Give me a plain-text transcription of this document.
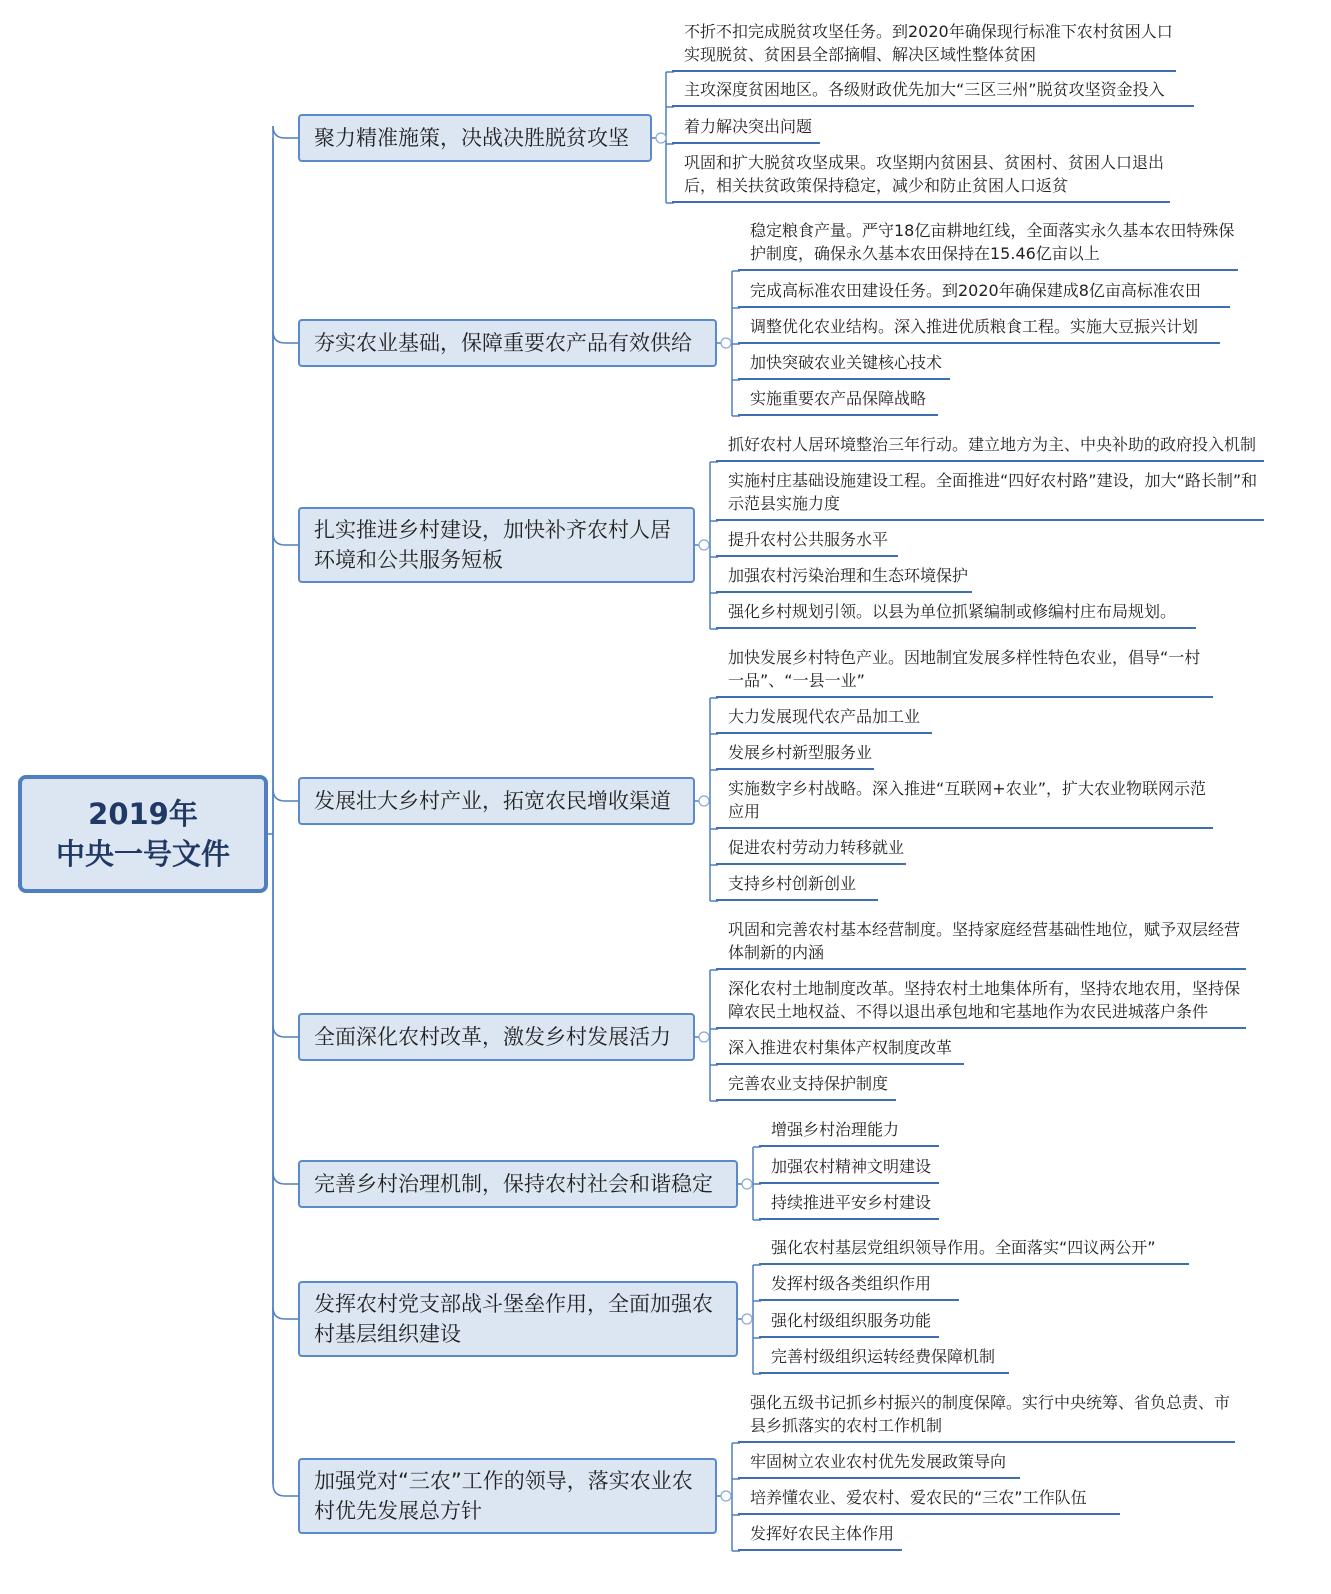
2019年
中央一号文件
聚力精准施策，决战决胜脱贫攻坚
不折不扣完成脱贫攻坚任务。到2020年确保现行标准下农村贫困人口实现脱贫、贫困县全部摘帽、解决区域性整体贫困
主攻深度贫困地区。各级财政优先加大“三区三州”脱贫攻坚资金投入
着力解决突出问题
巩固和扩大脱贫攻坚成果。攻坚期内贫困县、贫困村、贫困人口退出后，相关扶贫政策保持稳定，减少和防止贫困人口返贫
夯实农业基础，保障重要农产品有效供给
稳定粮食产量。严守18亿亩耕地红线，全面落实永久基本农田特殊保护制度，确保永久基本农田保持在15.46亿亩以上
完成高标准农田建设任务。到2020年确保建成8亿亩高标准农田
调整优化农业结构。深入推进优质粮食工程。实施大豆振兴计划
加快突破农业关键核心技术
实施重要农产品保障战略
扎实推进乡村建设，加快补齐农村人居环境和公共服务短板
抓好农村人居环境整治三年行动。建立地方为主、中央补助的政府投入机制
实施村庄基础设施建设工程。全面推进“四好农村路”建设，加大“路长制”和示范县实施力度
提升农村公共服务水平
加强农村污染治理和生态环境保护
强化乡村规划引领。以县为单位抓紧编制或修编村庄布局规划。
发展壮大乡村产业，拓宽农民增收渠道
加快发展乡村特色产业。因地制宜发展多样性特色农业，倡导“一村一品”、“一县一业”
大力发展现代农产品加工业
发展乡村新型服务业
实施数字乡村战略。深入推进“互联网+农业”，扩大农业物联网示范应用
促进农村劳动力转移就业
支持乡村创新创业
全面深化农村改革，激发乡村发展活力
巩固和完善农村基本经营制度。坚持家庭经营基础性地位，赋予双层经营体制新的内涵
深化农村土地制度改革。坚持农村土地集体所有，坚持农地农用，坚持保障农民土地权益、不得以退出承包地和宅基地作为农民进城落户条件
深入推进农村集体产权制度改革
完善农业支持保护制度
完善乡村治理机制，保持农村社会和谐稳定
增强乡村治理能力
加强农村精神文明建设
持续推进平安乡村建设
发挥农村党支部战斗堡垒作用，全面加强农村基层组织建设
强化农村基层党组织领导作用。全面落实“四议两公开”
发挥村级各类组织作用
强化村级组织服务功能
完善村级组织运转经费保障机制
加强党对“三农”工作的领导，落实农业农村优先发展总方针
强化五级书记抓乡村振兴的制度保障。实行中央统筹、省负总责、市县乡抓落实的农村工作机制
牢固树立农业农村优先发展政策导向
培养懂农业、爱农村、爱农民的“三农”工作队伍
发挥好农民主体作用
